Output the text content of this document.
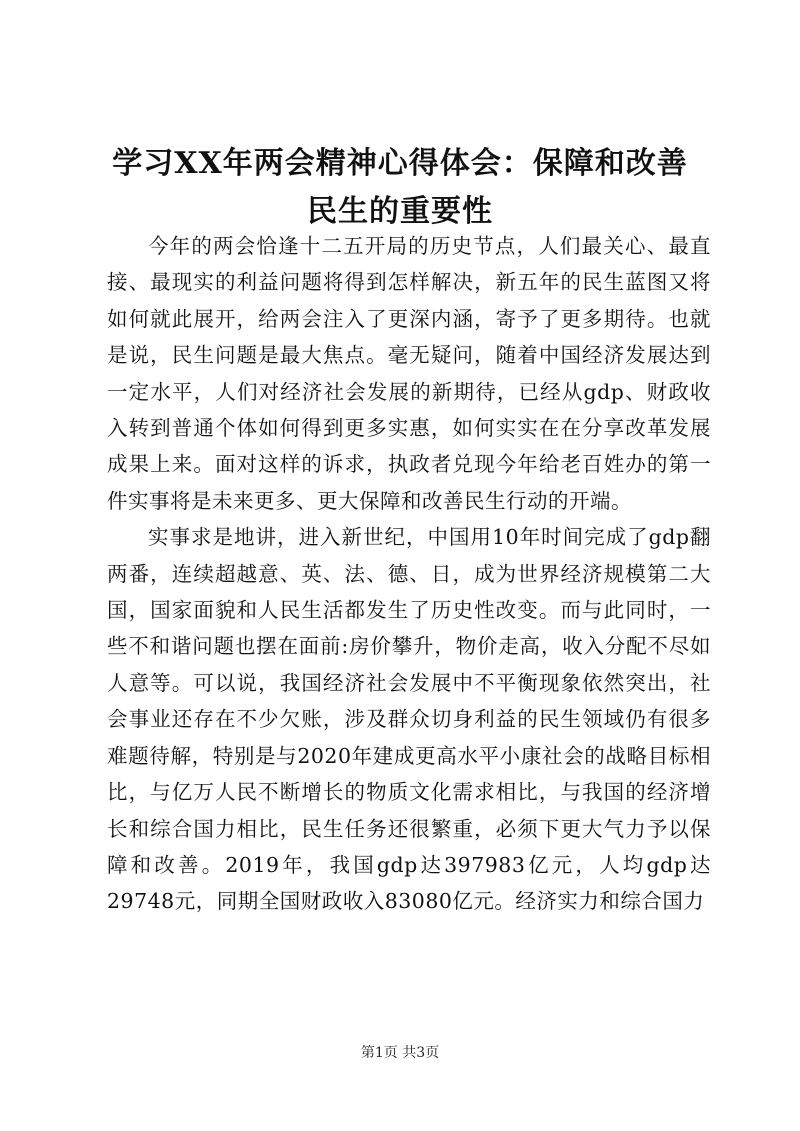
学习XX年两会精神心得体会：保障和改善民生的重要性

今年的两会恰逢十二五开局的历史节点，人们最关心、最直接、最现实的利益问题将得到怎样解决，新五年的民生蓝图又将如何就此展开，给两会注入了更深内涵，寄予了更多期待。也就是说，民生问题是最大焦点。毫无疑问，随着中国经济发展达到一定水平，人们对经济社会发展的新期待，已经从gdp、财政收入转到普通个体如何得到更多实惠，如何实实在在分享改革发展成果上来。面对这样的诉求，执政者兑现今年给老百姓办的第一件实事将是未来更多、更大保障和改善民生行动的开端。

实事求是地讲，进入新世纪，中国用10年时间完成了gdp翻两番，连续超越意、英、法、德、日，成为世界经济规模第二大国，国家面貌和人民生活都发生了历史性改变。而与此同时，一些不和谐问题也摆在面前:房价攀升，物价走高，收入分配不尽如人意等。可以说，我国经济社会发展中不平衡现象依然突出，社会事业还存在不少欠账，涉及群众切身利益的民生领域仍有很多难题待解，特别是与2020年建成更高水平小康社会的战略目标相比，与亿万人民不断增长的物质文化需求相比，与我国的经济增长和综合国力相比，民生任务还很繁重，必须下更大气力予以保障和改善。2019年，我国gdp达397983亿元，人均gdp达29748元，同期全国财政收入83080亿元。经济实力和综合国力

第1页 共3页
